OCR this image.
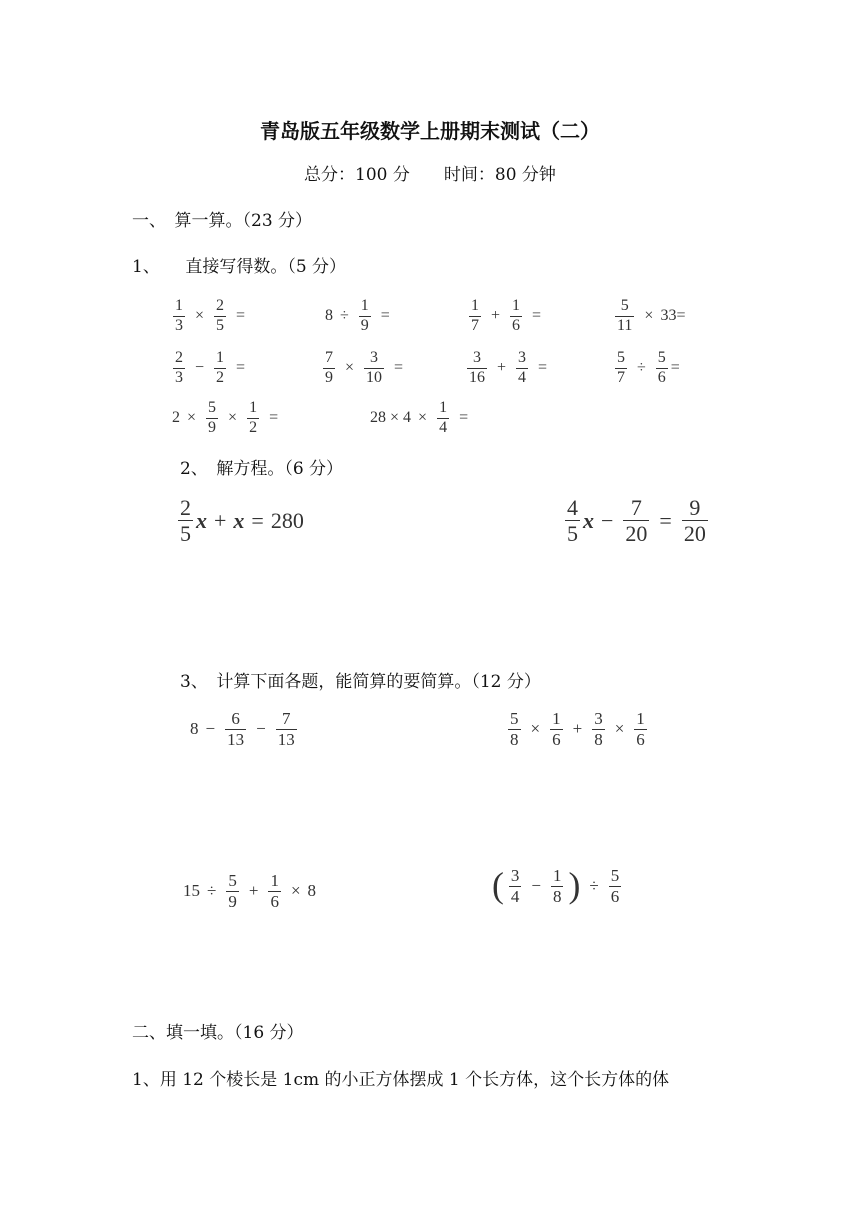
青岛版五年级数学上册期末测试（二）
总分：100 分　　时间：80 分钟
一、　算一算。（23 分）
1、　　直接写得数。（5 分）
$\frac{1}{3} \times \frac{2}{5}$ =	$8 \div \frac{1}{9}$ =	$\frac{1}{7} + \frac{1}{6}$ =	$\frac{5}{11} \times 33$ =
$\frac{2}{3} - \frac{1}{2}$ =	$\frac{7}{9} \times \frac{3}{10}$ =	$\frac{3}{16} + \frac{3}{4}$ =	$\frac{5}{7} \div \frac{5}{6}$ =
$2 \times \frac{5}{9} \times \frac{1}{2}$ =	$28 \times 4 \times \frac{1}{4}$ =
2、　解方程。（6 分）
$\frac{2}{5}$ x + x = 280	$\frac{4}{5}$ $x - \frac{7}{20} = \frac{9}{20}$
3、　计算下面各题，能简算的要简算。（12 分）
$8 - \frac{6}{13} - \frac{7}{13}$	$\frac{5}{8} \times \frac{1}{6} + \frac{3}{8} \times \frac{1}{6}$
$15 \div \frac{5}{9} + \frac{1}{6} \times 8$	( $\frac{3}{4} - \frac{1}{8}$ ) ÷ $\frac{5}{6}$
二、填一填。（16 分）
1、用 12 个棱长是 1cm 的小正方体摆成 1 个长方体，这个长方体的体
